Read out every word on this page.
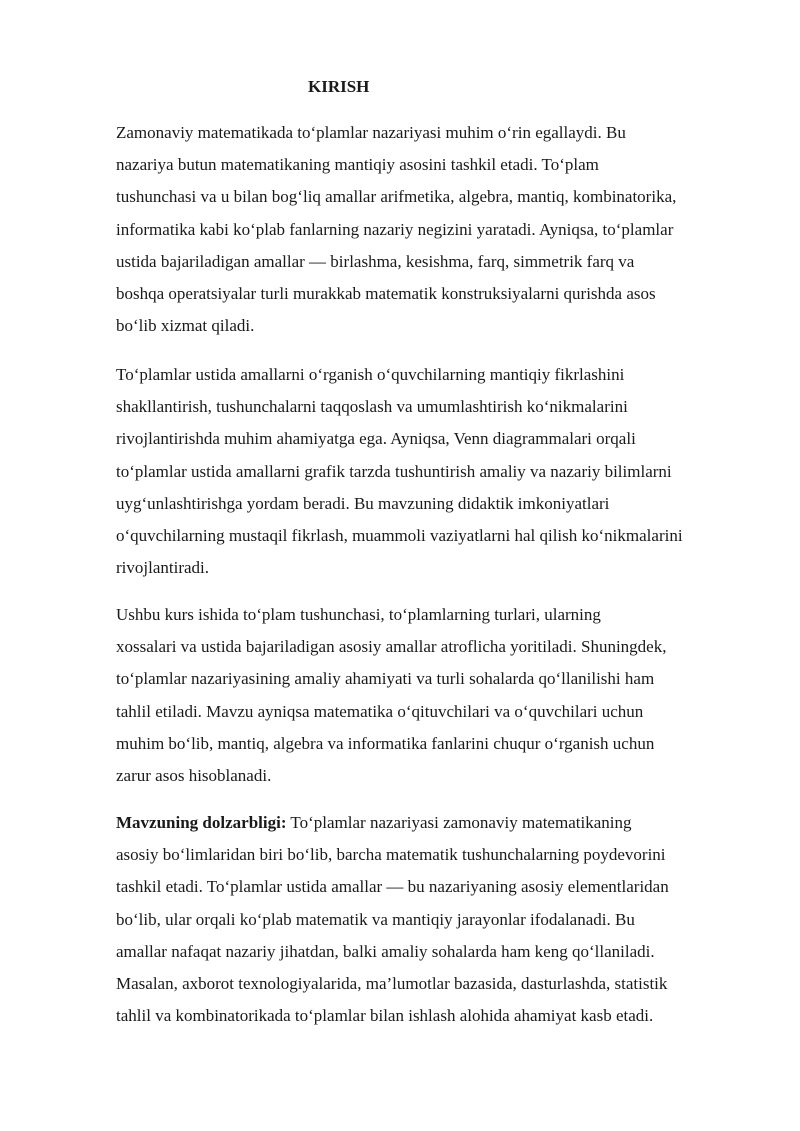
KIRISH

Zamonaviy matematikada to‘plamlar nazariyasi muhim o‘rin egallaydi. Bu
nazariya butun matematikaning mantiqiy asosini tashkil etadi. To‘plam
tushunchasi va u bilan bog‘liq amallar arifmetika, algebra, mantiq, kombinatorika,
informatika kabi ko‘plab fanlarning nazariy negizini yaratadi. Ayniqsa, to‘plamlar
ustida bajariladigan amallar — birlashma, kesishma, farq, simmetrik farq va
boshqa operatsiyalar turli murakkab matematik konstruksiyalarni qurishda asos
bo‘lib xizmat qiladi.

To‘plamlar ustida amallarni o‘rganish o‘quvchilarning mantiqiy fikrlashini
shakllantirish, tushunchalarni taqqoslash va umumlashtirish ko‘nikmalarini
rivojlantirishda muhim ahamiyatga ega. Ayniqsa, Venn diagrammalari orqali
to‘plamlar ustida amallarni grafik tarzda tushuntirish amaliy va nazariy bilimlarni
uyg‘unlashtirishga yordam beradi. Bu mavzuning didaktik imkoniyatlari
o‘quvchilarning mustaqil fikrlash, muammoli vaziyatlarni hal qilish ko‘nikmalarini
rivojlantiradi.

Ushbu kurs ishida to‘plam tushunchasi, to‘plamlarning turlari, ularning
xossalari va ustida bajariladigan asosiy amallar atroflicha yoritiladi. Shuningdek,
to‘plamlar nazariyasining amaliy ahamiyati va turli sohalarda qo‘llanilishi ham
tahlil etiladi. Mavzu ayniqsa matematika o‘qituvchilari va o‘quvchilari uchun
muhim bo‘lib, mantiq, algebra va informatika fanlarini chuqur o‘rganish uchun
zarur asos hisoblanadi.

Mavzuning dolzarbligi: To‘plamlar nazariyasi zamonaviy matematikaning
asosiy bo‘limlaridan biri bo‘lib, barcha matematik tushunchalarning poydevorini
tashkil etadi. To‘plamlar ustida amallar — bu nazariyaning asosiy elementlaridan
bo‘lib, ular orqali ko‘plab matematik va mantiqiy jarayonlar ifodalanadi. Bu
amallar nafaqat nazariy jihatdan, balki amaliy sohalarda ham keng qo‘llaniladi.
Masalan, axborot texnologiyalarida, ma’lumotlar bazasida, dasturlashda, statistik
tahlil va kombinatorikada to‘plamlar bilan ishlash alohida ahamiyat kasb etadi.
